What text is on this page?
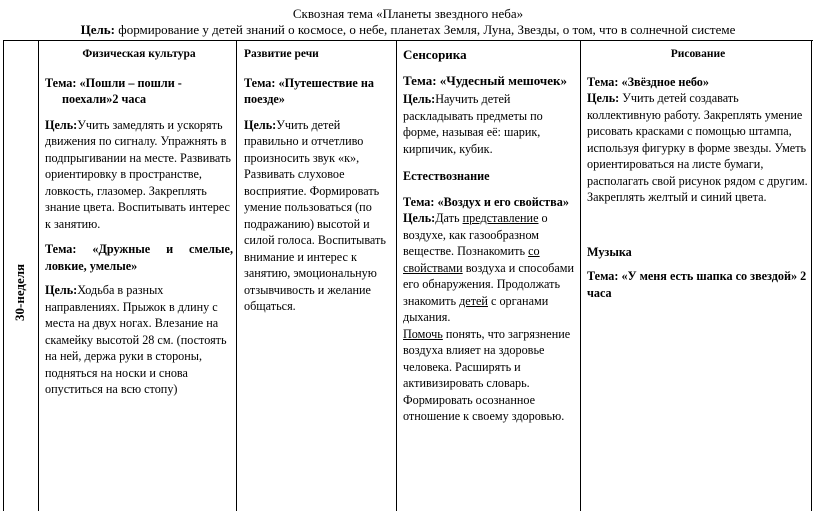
Сквозная тема «Планеты звездного неба»
Цель: формирование у детей знаний о космосе, о небе, планетах Земля, Луна, Звезды, о том, что в солнечной системе
30-неделя

Физическая культура

Тема: «Пошли – пошли - поехали»2 часа

Цель:Учить замедлять и ускорять движения по сигналу. Упражнять в подпрыгивании на месте. Развивать ориентировку в пространстве, ловкость, глазомер. Закреплять знание цвета. Воспитывать интерес к занятию.

Тема: «Дружные и смелые,

ловкие, умелые»

Цель:Ходьба в разных направлениях. Прыжок в длину с места на двух ногах. Влезание на скамейку высотой 28 см. (постоять на ней, держа руки в стороны, подняться на носки и снова опуститься на всю стопу)

Развитие речи

Тема: «Путешествие на поезде»

Цель:Учить детей правильно и отчетливо произносить звук «к», Развивать слуховое восприятие. Формировать умение пользоваться (по подражанию) высотой и силой голоса. Воспитывать внимание и интерес к занятию, эмоциональную отзывчивость и желание общаться.

Сенсорика

Тема: «Чудесный мешочек»

Цель:Научить детей раскладывать предметы по форме, называя её: шарик, кирпичик, кубик.

Естествознание

Тема: «Воздух и его свойства»

Цель:Дать представление о воздухе, как газообразном веществе. Познакомить со свойствами воздуха и способами его обнаружения. Продолжать знакомить детей с органами дыхания.

Помочь понять, что загрязнение воздуха влияет на здоровье человека. Расширять и активизировать словарь. Формировать осознанное отношение к своему здоровью.

Рисование

Тема: «Звёздное небо»

Цель: Учить детей создавать коллективную работу. Закреплять умение рисовать красками с помощью штампа, используя фигурку в форме звезды. Уметь ориентироваться на листе бумаги, располагать свой рисунок рядом с другим. Закреплять желтый и синий цвета.

Музыка

Тема: «У меня есть шапка со звездой» 2 часа
